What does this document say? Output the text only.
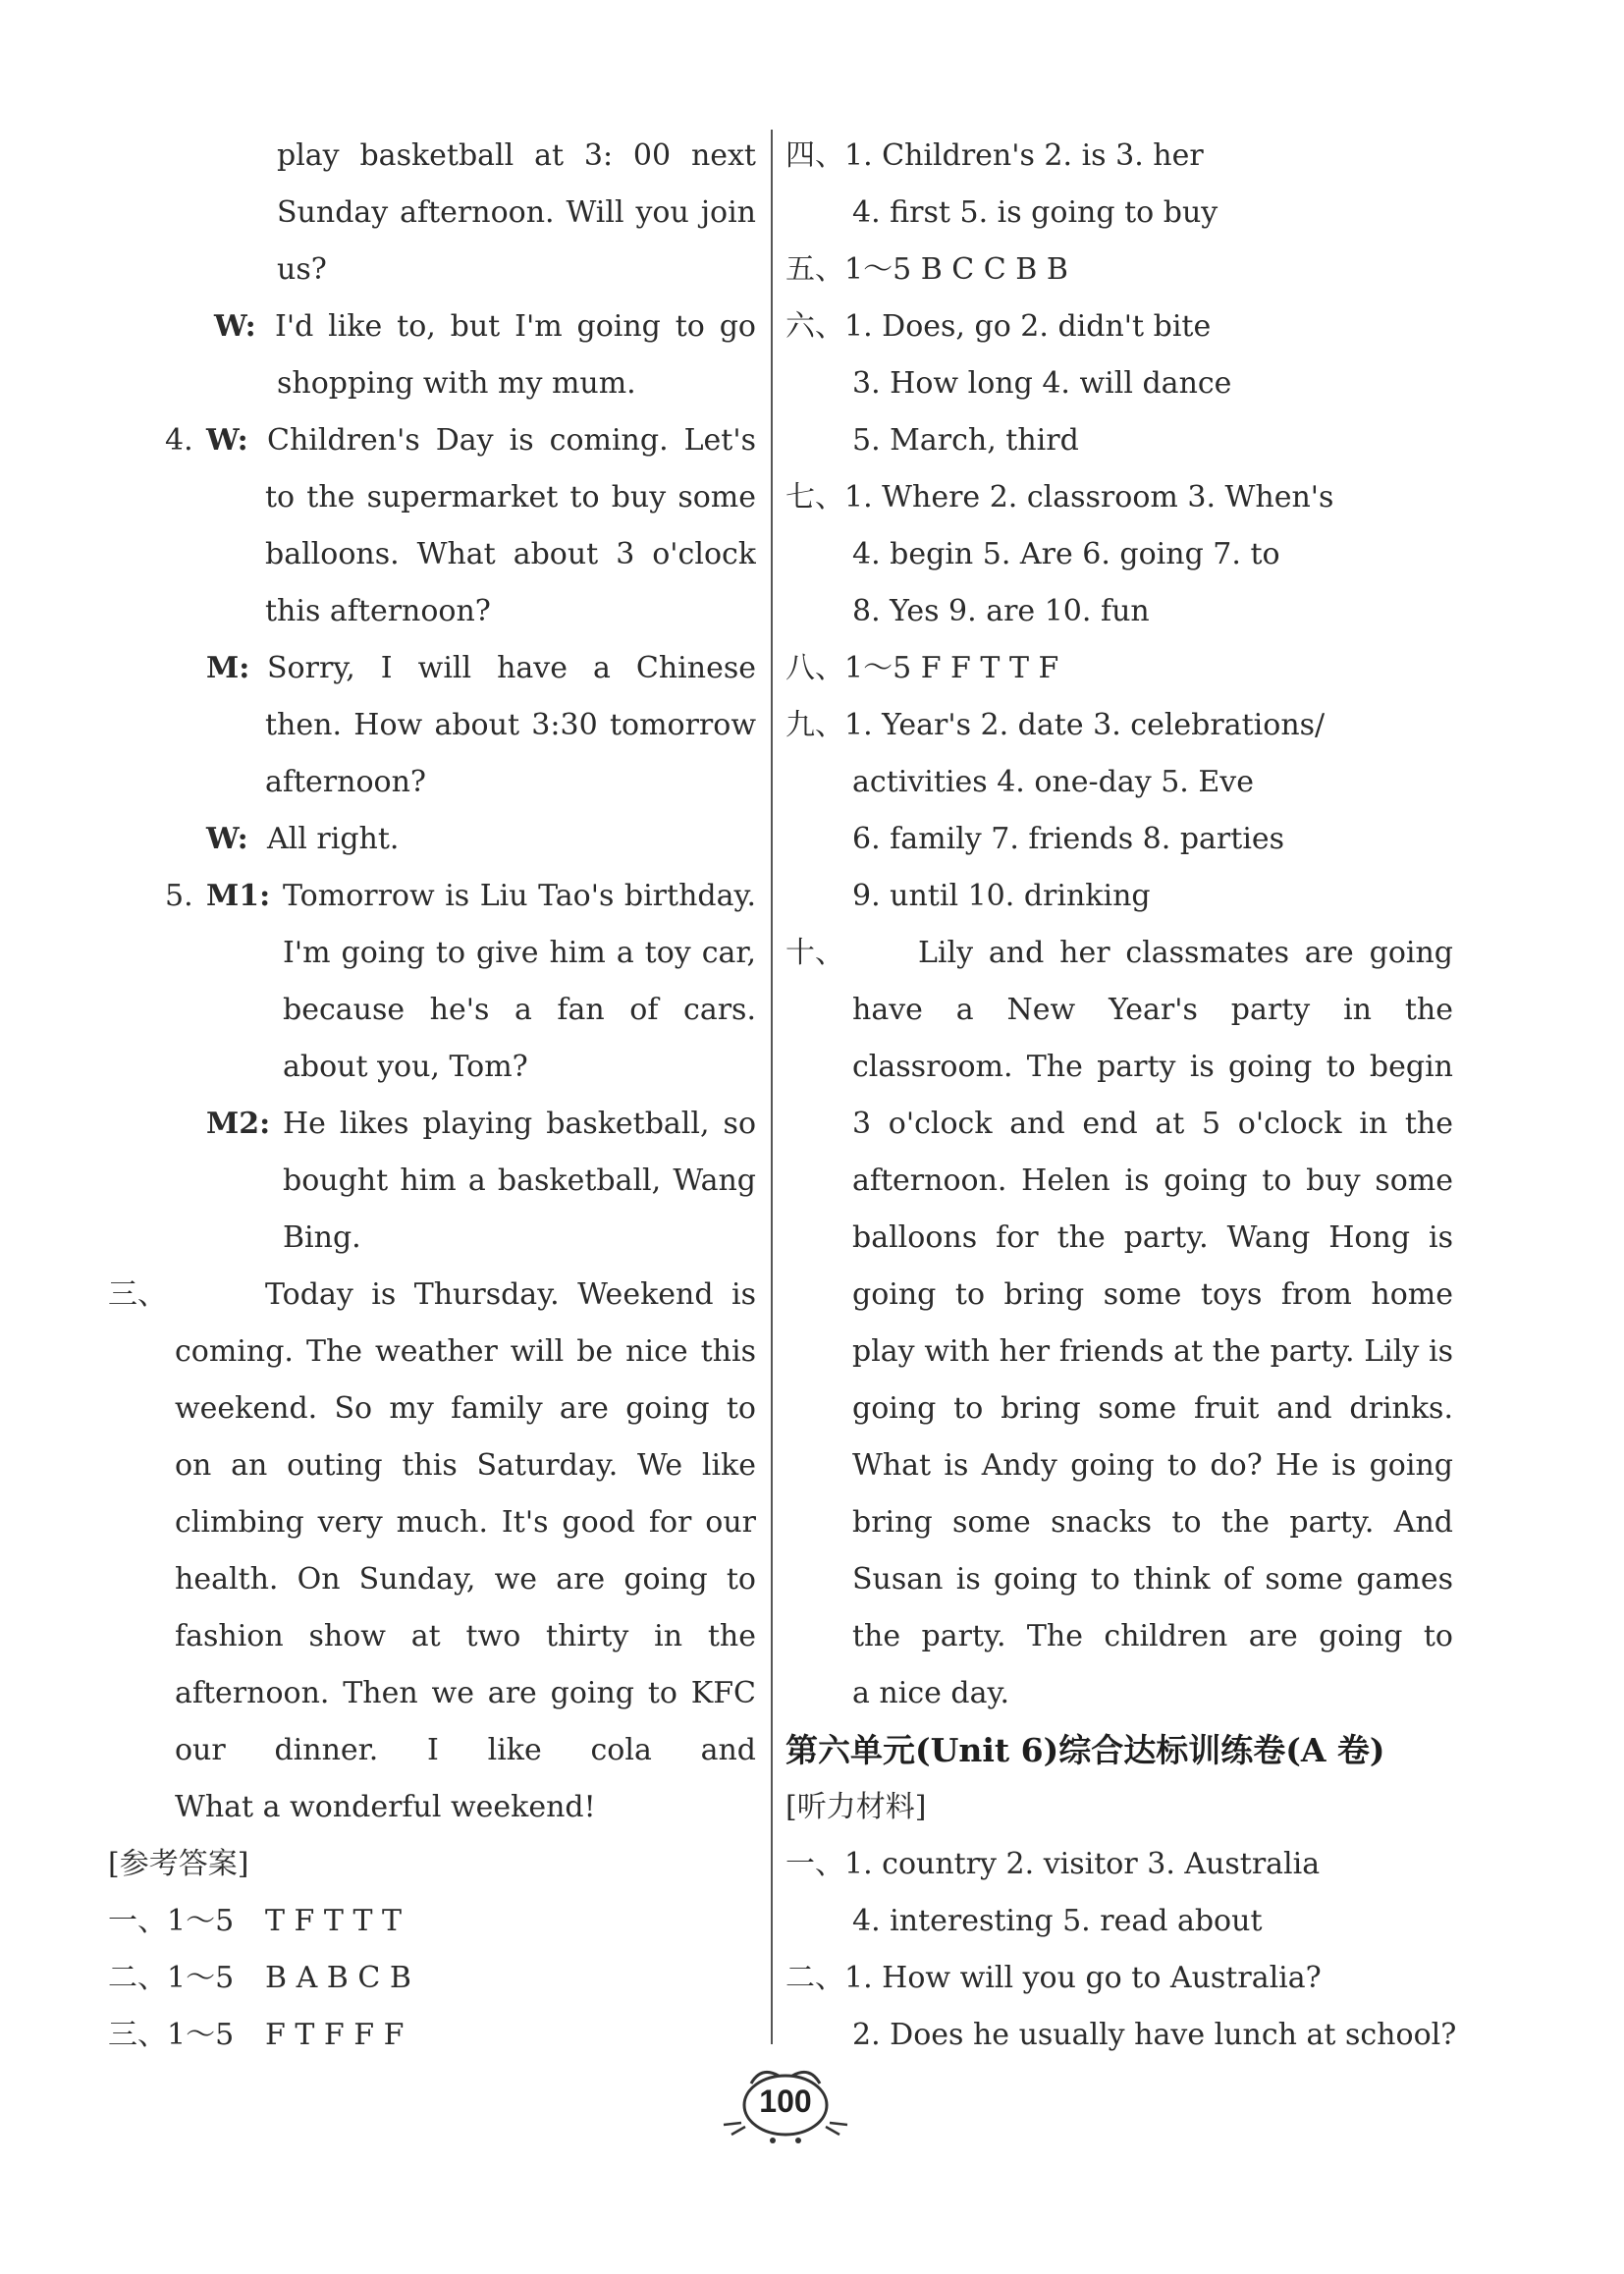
play basketball at 3: 00 next
Sunday afternoon. Will you join
us?
W: I'd like to, but I'm going to go
shopping with my mum.
4. W: Children's Day is coming. Let's
to the supermarket to buy some
balloons. What about 3 o'clock
this afternoon?
M: Sorry, I will have a Chinese
then. How about 3:30 tomorrow
afternoon?
W: All right.
5. M1: Tomorrow is Liu Tao's birthday.
I'm going to give him a toy car,
because he's a fan of cars.
about you, Tom?
M2: He likes playing basketball, so
bought him a basketball, Wang
Bing.
三、	Today is Thursday. Weekend is
coming. The weather will be nice this
weekend. So my family are going to
on an outing this Saturday. We like
climbing very much. It's good for our
health. On Sunday, we are going to
fashion show at two thirty in the
afternoon. Then we are going to KFC
our dinner. I like cola and
What a wonderful weekend!
[参考答案]
一、1～5 T F T T T
二、1～5 B A B C B
三、1～5 F T F F F
四、1. Children's 2. is 3. her
4. first 5. is going to buy
五、1～5 B C C B B
六、1. Does, go 2. didn't bite
3. How long 4. will dance
5. March, third
七、1. Where 2. classroom 3. When's
4. begin 5. Are 6. going 7. to
8. Yes 9. are 10. fun
八、1～5 F F T T F
九、1. Year's 2. date 3. celebrations/
activities 4. one-day 5. Eve
6. family 7. friends 8. parties
9. until 10. drinking
十、	Lily and her classmates are going
have a New Year's party in the
classroom. The party is going to begin
3 o'clock and end at 5 o'clock in the
afternoon. Helen is going to buy some
balloons for the party. Wang Hong is
going to bring some toys from home
play with her friends at the party. Lily is
going to bring some fruit and drinks.
What is Andy going to do? He is going
bring some snacks to the party. And
Susan is going to think of some games
the party. The children are going to
a nice day.
第六单元(Unit 6)综合达标训练卷(A 卷)
[听力材料]
一、1. country 2. visitor 3. Australia
4. interesting 5. read about
二、1. How will you go to Australia?
2. Does he usually have lunch at school?
100
